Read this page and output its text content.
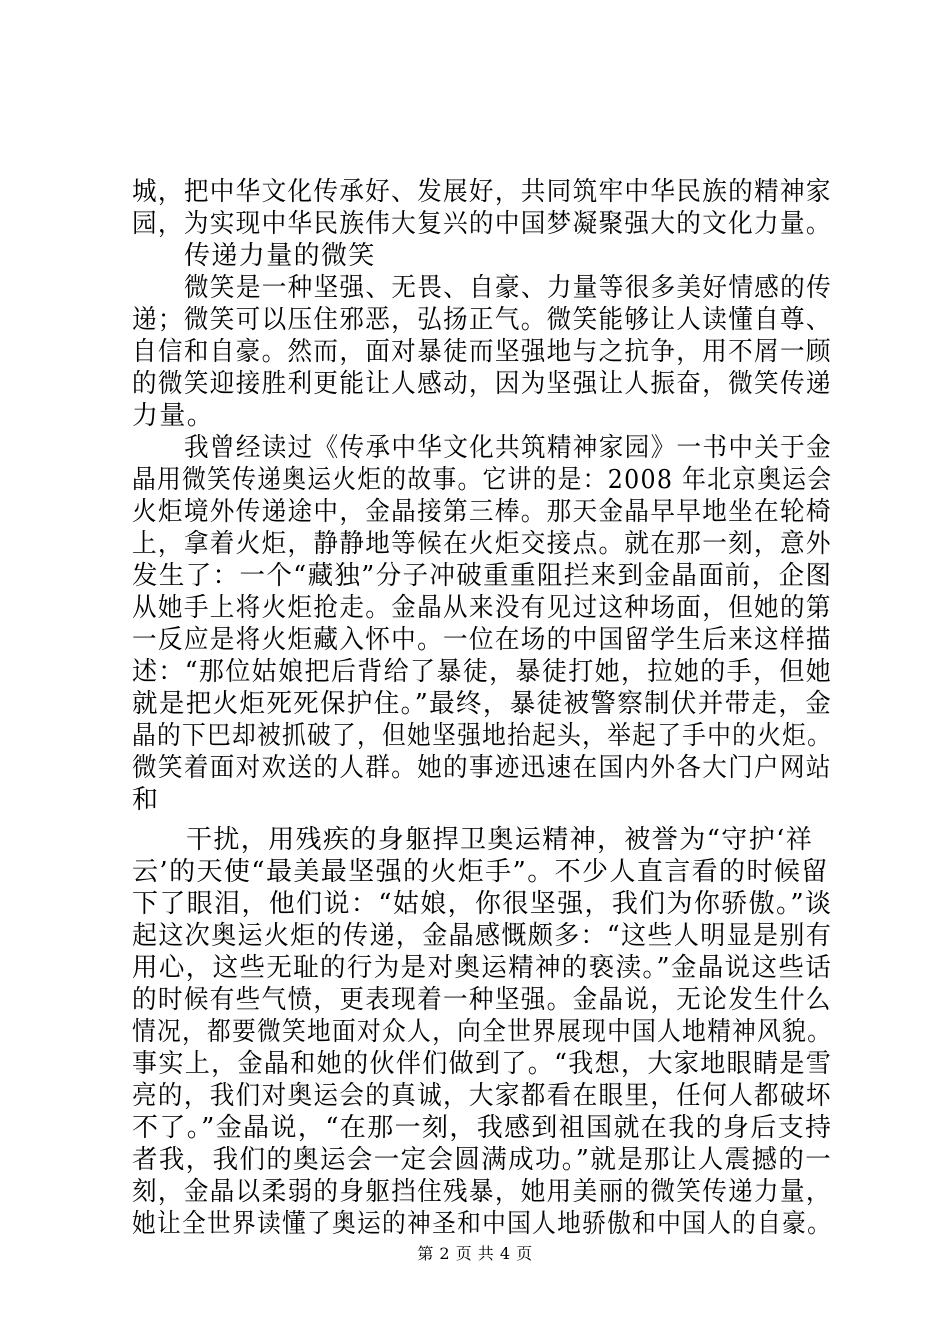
城，把中华文化传承好、发展好，共同筑牢中华民族的精神家
园，为实现中华民族伟大复兴的中国梦凝聚强大的文化力量。
传递力量的微笑
微笑是一种坚强、无畏、自豪、力量等很多美好情感的传
递；微笑可以压住邪恶，弘扬正气。微笑能够让人读懂自尊、
自信和自豪。然而，面对暴徒而坚强地与之抗争，用不屑一顾
的微笑迎接胜利更能让人感动，因为坚强让人振奋，微笑传递
力量。
我曾经读过《传承中华文化共筑精神家园》一书中关于金
晶用微笑传递奥运火炬的故事。它讲的是：2008 年北京奥运会
火炬境外传递途中，金晶接第三棒。那天金晶早早地坐在轮椅
上，拿着火炬，静静地等候在火炬交接点。就在那一刻，意外
发生了：一个“藏独”分子冲破重重阻拦来到金晶面前，企图
从她手上将火炬抢走。金晶从来没有见过这种场面，但她的第
一反应是将火炬藏入怀中。一位在场的中国留学生后来这样描
述：“那位姑娘把后背给了暴徒，暴徒打她，拉她的手，但她
就是把火炬死死保护住。”最终，暴徒被警察制伏并带走，金
晶的下巴却被抓破了，但她坚强地抬起头，举起了手中的火炬。
微笑着面对欢送的人群。她的事迹迅速在国内外各大门户网站
和
干扰，用残疾的身躯捍卫奥运精神，被誉为“守护‘祥
云’的天使“最美最坚强的火炬手”。不少人直言看的时候留
下了眼泪，他们说：“姑娘，你很坚强，我们为你骄傲。”谈
起这次奥运火炬的传递，金晶感慨颇多：“这些人明显是别有
用心，这些无耻的行为是对奥运精神的亵渎。”金晶说这些话
的时候有些气愤，更表现着一种坚强。金晶说，无论发生什么
情况，都要微笑地面对众人，向全世界展现中国人地精神风貌。
事实上，金晶和她的伙伴们做到了。“我想，大家地眼睛是雪
亮的，我们对奥运会的真诚，大家都看在眼里，任何人都破坏
不了。”金晶说，“在那一刻，我感到祖国就在我的身后支持
者我，我们的奥运会一定会圆满成功。”就是那让人震撼的一
刻，金晶以柔弱的身躯挡住残暴，她用美丽的微笑传递力量，
她让全世界读懂了奥运的神圣和中国人地骄傲和中国人的自豪。
第 2 页 共 4 页
